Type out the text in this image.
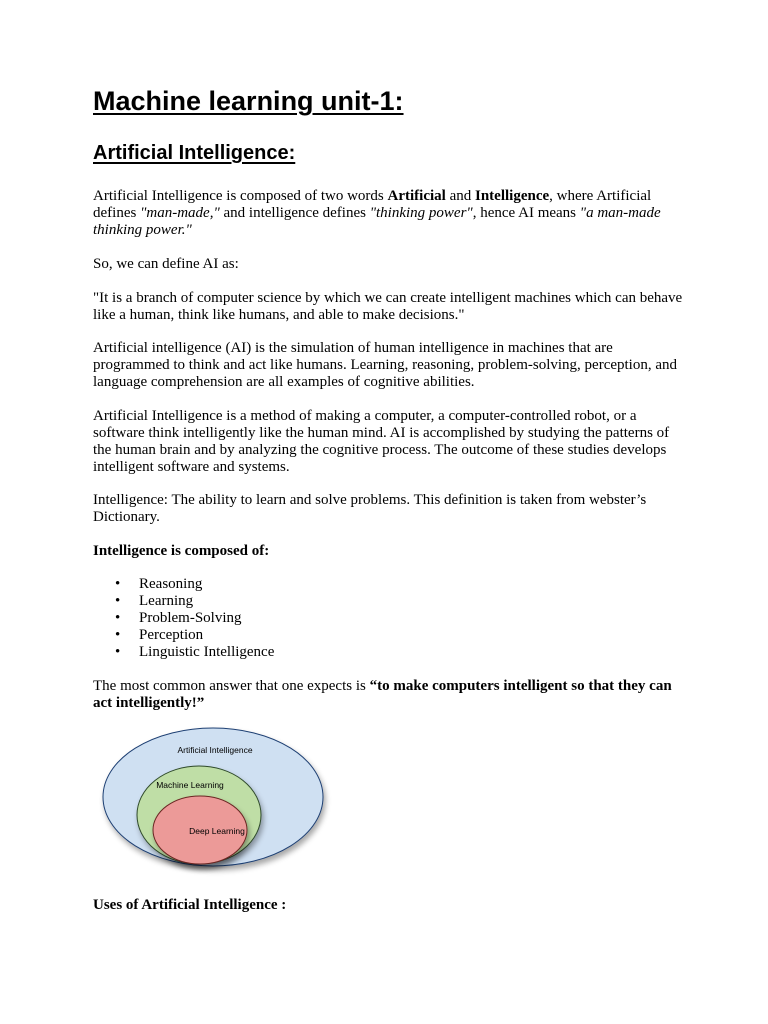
Machine learning unit-1:
Artificial Intelligence:

Artificial Intelligence is composed of two words Artificial and Intelligence, where Artificial defines "man-made," and intelligence defines "thinking power", hence AI means "a man-made thinking power."

So, we can define AI as:

"It is a branch of computer science by which we can create intelligent machines which can behave like a human, think like humans, and able to make decisions."

Artificial intelligence (AI) is the simulation of human intelligence in machines that are programmed to think and act like humans. Learning, reasoning, problem-solving, perception, and language comprehension are all examples of cognitive abilities.

Artificial Intelligence is a method of making a computer, a computer-controlled robot, or a software think intelligently like the human mind. AI is accomplished by studying the patterns of the human brain and by analyzing the cognitive process. The outcome of these studies develops intelligent software and systems.

Intelligence: The ability to learn and solve problems. This definition is taken from webster’s Dictionary.

Intelligence is composed of:

• Reasoning
• Learning
• Problem-Solving
• Perception
• Linguistic Intelligence

The most common answer that one expects is “to make computers intelligent so that they can act intelligently!”

Uses of Artificial Intelligence :

Artificial Intelligence
Machine Learning
Deep Learning
